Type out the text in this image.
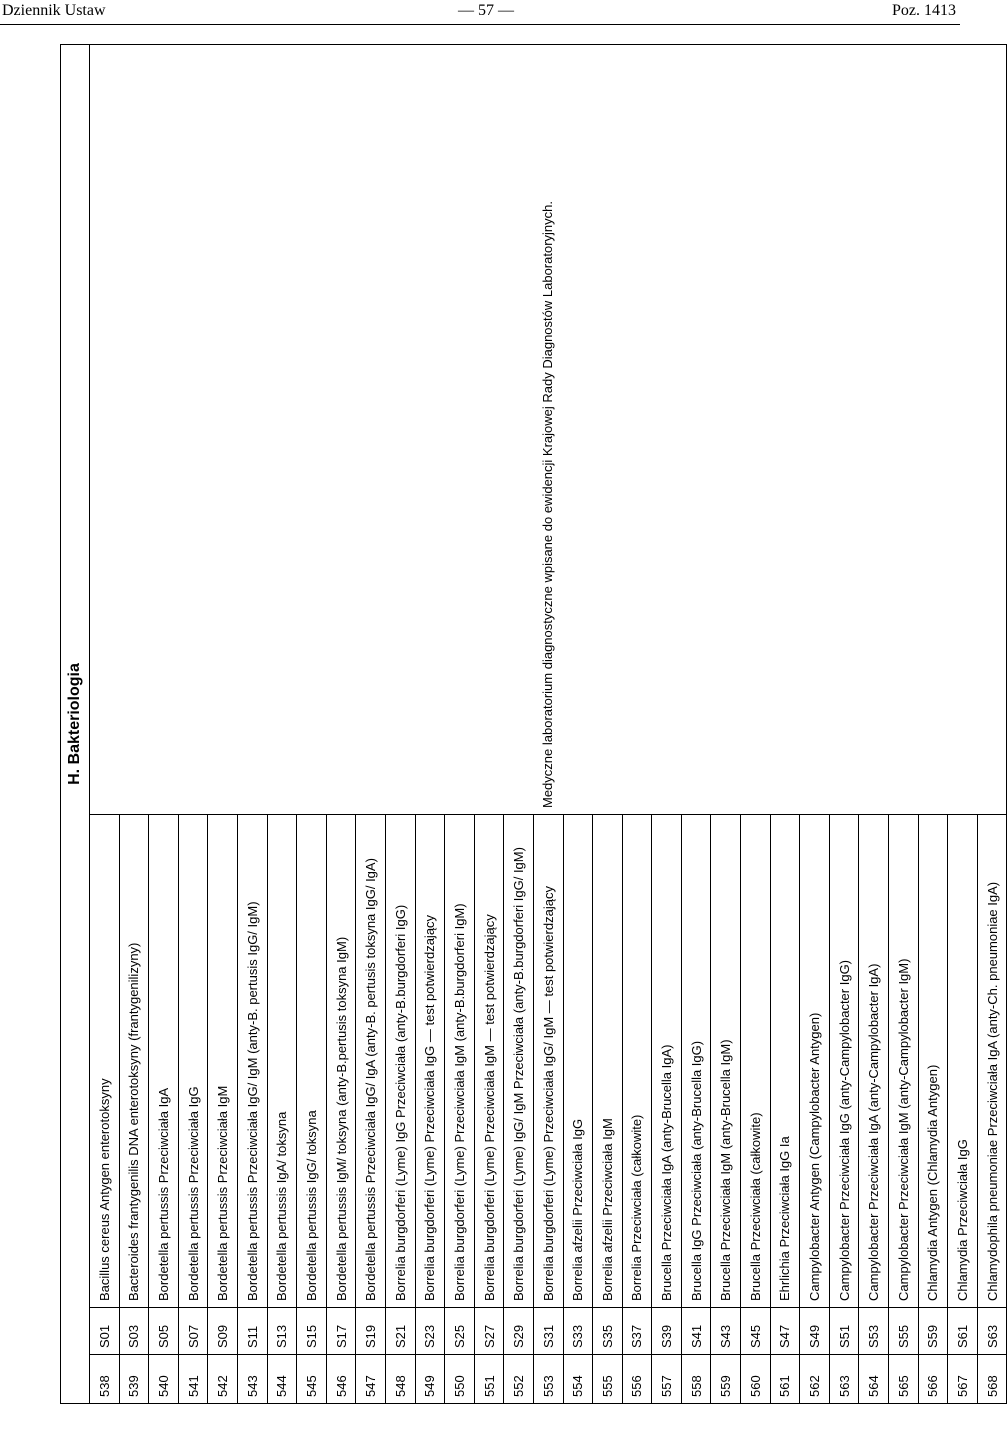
Dziennik Ustaw	— 57 —	Poz. 1413
H. Bakteriologia
538	S01	Bacillus cereus Antygen enterotoksyny	Medyczne laboratorium diagnostyczne wpisane do ewidencji Krajowej Rady Diagnostów Laboratoryjnych.
539	S03	Bacteroides frantygenilis DNA enterotoksyny (frantygenilizyny)	
540	S05	Bordetella pertussis Przeciwciała IgA	
541	S07	Bordetella pertussis Przeciwciała IgG	
542	S09	Bordetella pertussis Przeciwciała IgM	
543	S11	Bordetella pertussis Przeciwciała IgG/ IgM (anty-B. pertusis IgG/ IgM)	
544	S13	Bordetella pertussis IgA/ toksyna	
545	S15	Bordetella pertussis IgG/ toksyna	
546	S17	Bordetella pertussis IgM/ toksyna (anty-B.pertusis toksyna IgM)	
547	S19	Bordetella pertussis Przeciwciała IgG/ IgA (anty-B. pertusis toksyna IgG/ IgA)	
548	S21	Borrelia burgdorferi (Lyme) IgG Przeciwciała (anty-B.burgdorferi IgG)	
549	S23	Borrelia burgdorferi (Lyme) Przeciwciała IgG — test potwierdzający	
550	S25	Borrelia burgdorferi (Lyme) Przeciwciała IgM (anty-B.burgdorferi IgM)	
551	S27	Borrelia burgdorferi (Lyme) Przeciwciała IgM — test potwierdzający	
552	S29	Borrelia burgdorferi (Lyme) IgG/ IgM Przeciwciała (anty-B.burgdorferi IgG/ IgM)	
553	S31	Borrelia burgdorferi (Lyme) Przeciwciała IgG/ IgM — test potwierdzający	
554	S33	Borrelia afzelii Przeciwciała IgG	
555	S35	Borrelia afzelii Przeciwciała IgM	
556	S37	Borrelia Przeciwciała (całkowite)	
557	S39	Brucella Przeciwciała IgA (anty-Brucella IgA)	
558	S41	Brucella IgG Przeciwciała (anty-Brucella IgG)	
559	S43	Brucella Przeciwciała IgM (anty-Brucella IgM)	
560	S45	Brucella Przeciwciała (całkowite)	
561	S47	Ehrlichia Przeciwciała IgG Ia	
562	S49	Campylobacter Antygen (Campylobacter Antygen)	
563	S51	Campylobacter Przeciwciała IgG (anty-Campylobacter IgG)	
564	S53	Campylobacter Przeciwciała IgA (anty-Campylobacter IgA)	
565	S55	Campylobacter Przeciwciała IgM (anty-Campylobacter IgM)	
566	S59	Chlamydia Antygen (Chlamydia Antygen)	
567	S61	Chlamydia Przeciwciała IgG	
568	S63	Chlamydophila pneumoniae Przeciwciała IgA (anty-Ch. pneumoniae IgA)	
